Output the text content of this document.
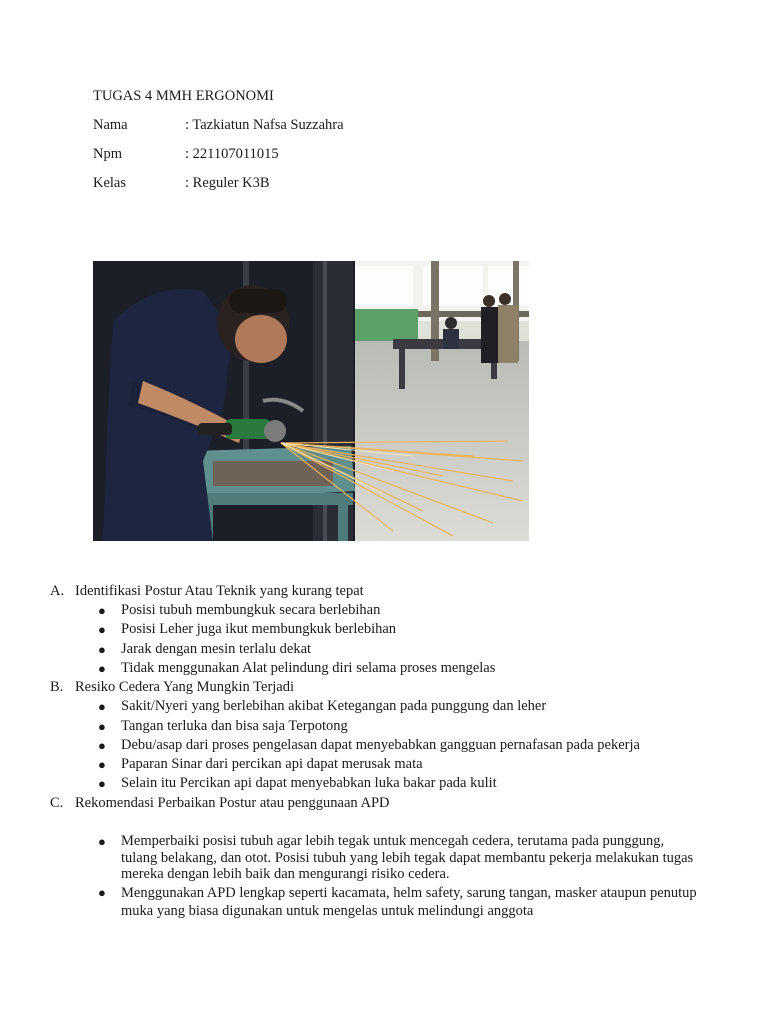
TUGAS 4 MMH ERGONOMI
Nama	: Tazkiatun Nafsa Suzzahra
Npm	: 221107011015
Kelas	: Reguler K3B
A. Identifikasi Postur Atau Teknik yang kurang tepat
● Posisi tubuh membungkuk secara berlebihan
● Posisi Leher juga ikut membungkuk berlebihan
● Jarak dengan mesin terlalu dekat
● Tidak menggunakan Alat pelindung diri selama proses mengelas
B. Resiko Cedera Yang Mungkin Terjadi
● Sakit/Nyeri yang berlebihan akibat Ketegangan pada punggung dan leher
● Tangan terluka dan bisa saja Terpotong
● Debu/asap dari proses pengelasan dapat menyebabkan gangguan pernafasan pada pekerja
● Paparan Sinar dari percikan api dapat merusak mata
● Selain itu Percikan api dapat menyebabkan luka bakar pada kulit
C. Rekomendasi Perbaikan Postur atau penggunaan APD
● Memperbaiki posisi tubuh agar lebih tegak untuk mencegah cedera, terutama pada punggung, tulang belakang, dan otot. Posisi tubuh yang lebih tegak dapat membantu pekerja melakukan tugas mereka dengan lebih baik dan mengurangi risiko cedera.
● Menggunakan APD lengkap seperti kacamata, helm safety, sarung tangan, masker ataupun penutup muka yang biasa digunakan untuk mengelas untuk melindungi anggota
